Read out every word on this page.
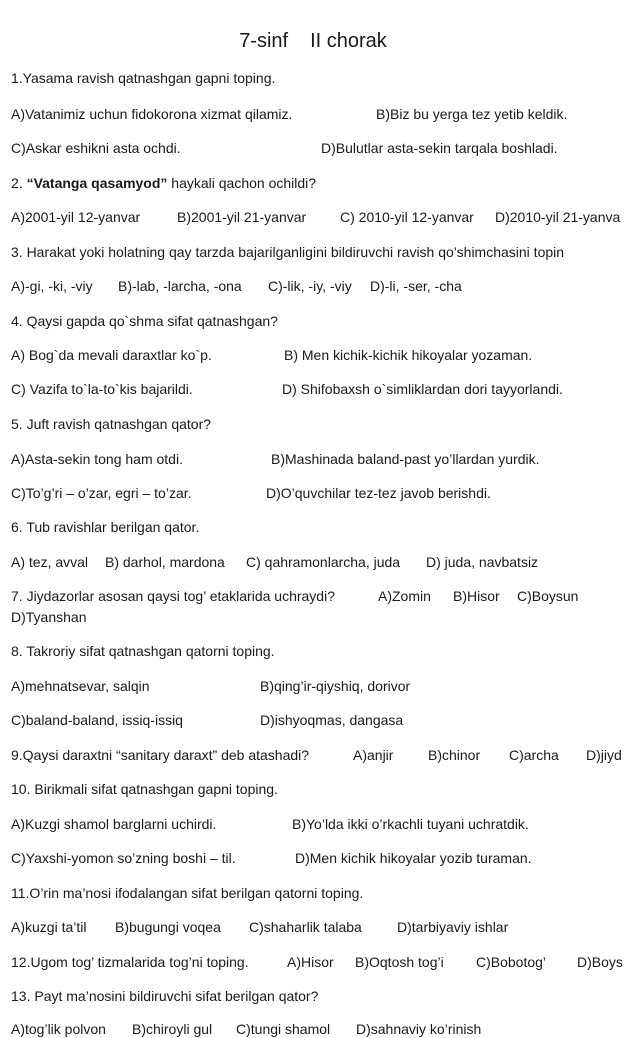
7-sinf II chorak
1.Yasama ravish qatnashgan gapni toping.
A)Vatanimiz uchun fidokorona xizmat qilamiz.	B)Biz bu yerga tez yetib keldik.
C)Askar eshikni asta ochdi.	D)Bulutlar asta-sekin tarqala boshladi.
2. “Vatanga qasamyod” haykali qachon ochildi?
A)2001-yil 12-yanvar	B)2001-yil 21-yanvar C) 2010-yil 12-yanvar D)2010-yil 21-yanva
3. Harakat yoki holatning qay tarzda bajarilganligini bildiruvchi ravish qo’shimchasini topin
A)-gi, -ki, -viy B)-lab, -larcha, -ona C)-lik, -iy, -viy D)-li, -ser, -cha
4. Qaysi gapda qo`shma sifat qatnashgan?
A) Bog`da mevali daraxtlar ko`p.	B) Men kichik-kichik hikoyalar yozaman.
C) Vazifa to`la-to`kis bajarildi.	D) Shifobaxsh o`simliklardan dori tayyorlandi.
5. Juft ravish qatnashgan qator?
A)Asta-sekin tong ham otdi.	B)Mashinada baland-past yo’llardan yurdik.
C)To’g’ri – o’zar, egri – to’zar.	D)O’quvchilar tez-tez javob berishdi.
6. Tub ravishlar berilgan qator.
A) tez, avval B) darhol, mardona C) qahramonlarcha, juda D) juda, navbatsiz
7. Jiydazorlar asosan qaysi tog’ etaklarida uchraydi?	A)Zomin B)Hisor C)Boysun
D)Tyanshan
8. Takroriy sifat qatnashgan qatorni toping.
A)mehnatsevar, salqin	B)qing’ir-qiyshiq, dorivor
C)baland-baland, issiq-issiq	D)ishyoqmas, dangasa
9.Qaysi daraxtni “sanitary daraxt” deb atashadi?	A)anjir B)chinor C)archa D)jiyd
10. Birikmali sifat qatnashgan gapni toping.
A)Kuzgi shamol barglarni uchirdi.	B)Yo’lda ikki o’rkachli tuyani uchratdik.
C)Yaxshi-yomon so’zning boshi – til.	D)Men kichik hikoyalar yozib turaman.
11.O’rin ma’nosi ifodalangan sifat berilgan qatorni toping.
A)kuzgi ta’til B)bugungi voqea C)shaharlik talaba	D)tarbiyaviy ishlar
12.Ugom tog’ tizmalarida tog’ni toping.	A)Hisor B)Oqtosh tog’i C)Bobotog’ D)Boys
13. Payt ma’nosini bildiruvchi sifat berilgan qator?
A)tog’lik polvon B)chiroyli gul C)tungi shamol D)sahnaviy ko’rinish
